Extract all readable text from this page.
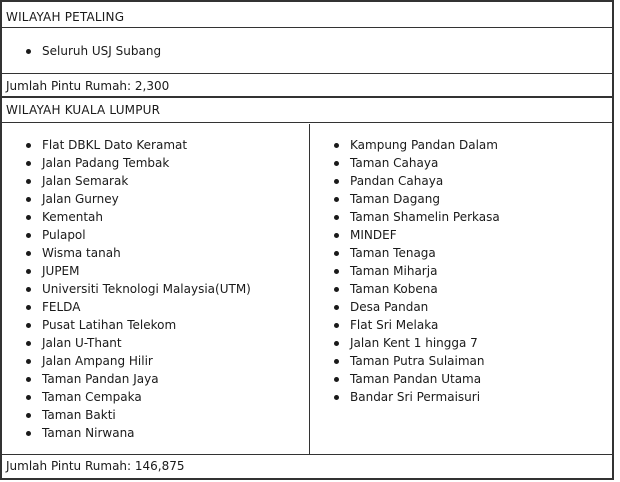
WILAYAH PETALING
Seluruh USJ Subang
Jumlah Pintu Rumah: 2,300
WILAYAH KUALA LUMPUR
Flat DBKL Dato Keramat
Jalan Padang Tembak
Jalan Semarak
Jalan Gurney
Kementah
Pulapol
Wisma tanah
JUPEM
Universiti Teknologi Malaysia(UTM)
FELDA
Pusat Latihan Telekom
Jalan U-Thant
Jalan Ampang Hilir
Taman Pandan Jaya
Taman Cempaka
Taman Bakti
Taman Nirwana
Kampung Pandan Dalam
Taman Cahaya
Pandan Cahaya
Taman Dagang
Taman Shamelin Perkasa
MINDEF
Taman Tenaga
Taman Miharja
Taman Kobena
Desa Pandan
Flat Sri Melaka
Jalan Kent 1 hingga 7
Taman Putra Sulaiman
Taman Pandan Utama
Bandar Sri Permaisuri
Jumlah Pintu Rumah: 146,875
